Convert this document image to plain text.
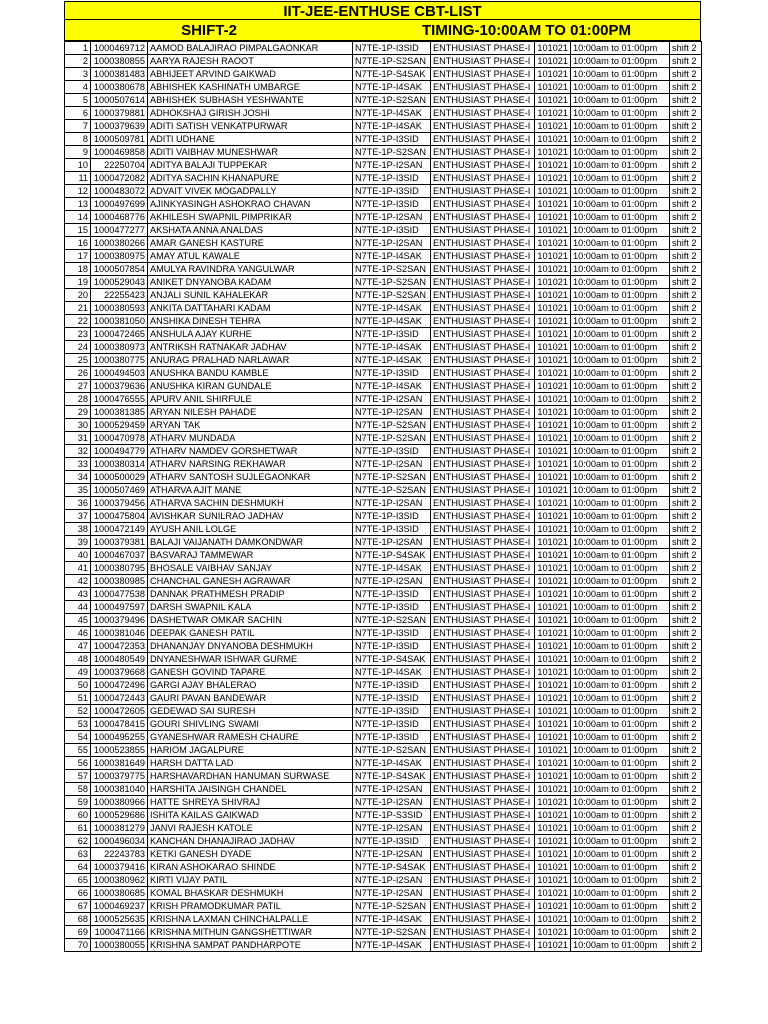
IIT-JEE-ENTHUSE CBT-LIST
SHIFT-2	TIMING-10:00AM TO 01:00PM
1	1000469712	AAMOD BALAJIRAO PIMPALGAONKAR	N7TE-1P-I3SID	ENTHUSIAST PHASE-I	101021	10:00am to 01:00pm	shift 2
2	1000380855	AARYA RAJESH RAOOT	N7TE-1P-S2SAN	ENTHUSIAST PHASE-I	101021	10:00am to 01:00pm	shift 2
3	1000381483	ABHIJEET ARVIND GAIKWAD	N7TE-1P-S4SAK	ENTHUSIAST PHASE-I	101021	10:00am to 01:00pm	shift 2
4	1000380678	ABHISHEK KASHINATH UMBARGE	N7TE-1P-I4SAK	ENTHUSIAST PHASE-I	101021	10:00am to 01:00pm	shift 2
5	1000507614	ABHISHEK SUBHASH YESHWANTE	N7TE-1P-S2SAN	ENTHUSIAST PHASE-I	101021	10:00am to 01:00pm	shift 2
6	1000379881	ADHOKSHAJ GIRISH JOSHI	N7TE-1P-I4SAK	ENTHUSIAST PHASE-I	101021	10:00am to 01:00pm	shift 2
7	1000379639	ADITI SATISH VENKATPURWAR	N7TE-1P-I4SAK	ENTHUSIAST PHASE-I	101021	10:00am to 01:00pm	shift 2
8	1000509781	ADITI UDHANE	N7TE-1P-I3SID	ENTHUSIAST PHASE-I	101021	10:00am to 01:00pm	shift 2
9	1000469858	ADITI VAIBHAV MUNESHWAR	N7TE-1P-S2SAN	ENTHUSIAST PHASE-I	101021	10:00am to 01:00pm	shift 2
10	22250704	ADITYA BALAJI TUPPEKAR	N7TE-1P-I2SAN	ENTHUSIAST PHASE-I	101021	10:00am to 01:00pm	shift 2
11	1000472082	ADITYA SACHIN KHANAPURE	N7TE-1P-I3SID	ENTHUSIAST PHASE-I	101021	10:00am to 01:00pm	shift 2
12	1000483072	ADVAIT VIVEK MOGADPALLY	N7TE-1P-I3SID	ENTHUSIAST PHASE-I	101021	10:00am to 01:00pm	shift 2
13	1000497699	AJINKYASINGH ASHOKRAO CHAVAN	N7TE-1P-I3SID	ENTHUSIAST PHASE-I	101021	10:00am to 01:00pm	shift 2
14	1000468776	AKHILESH SWAPNIL PIMPRIKAR	N7TE-1P-I2SAN	ENTHUSIAST PHASE-I	101021	10:00am to 01:00pm	shift 2
15	1000477277	AKSHATA ANNA ANALDAS	N7TE-1P-I3SID	ENTHUSIAST PHASE-I	101021	10:00am to 01:00pm	shift 2
16	1000380266	AMAR GANESH KASTURE	N7TE-1P-I2SAN	ENTHUSIAST PHASE-I	101021	10:00am to 01:00pm	shift 2
17	1000380975	AMAY ATUL KAWALE	N7TE-1P-I4SAK	ENTHUSIAST PHASE-I	101021	10:00am to 01:00pm	shift 2
18	1000507854	AMULYA RAVINDRA YANGULWAR	N7TE-1P-S2SAN	ENTHUSIAST PHASE-I	101021	10:00am to 01:00pm	shift 2
19	1000529043	ANIKET DNYANOBA KADAM	N7TE-1P-S2SAN	ENTHUSIAST PHASE-I	101021	10:00am to 01:00pm	shift 2
20	22255423	ANJALI SUNIL KAHALEKAR	N7TE-1P-S2SAN	ENTHUSIAST PHASE-I	101021	10:00am to 01:00pm	shift 2
21	1000380593	ANKITA DATTAHARI KADAM	N7TE-1P-I4SAK	ENTHUSIAST PHASE-I	101021	10:00am to 01:00pm	shift 2
22	1000381050	ANSHIKA DINESH TEHRA	N7TE-1P-I4SAK	ENTHUSIAST PHASE-I	101021	10:00am to 01:00pm	shift 2
23	1000472465	ANSHULA AJAY KURHE	N7TE-1P-I3SID	ENTHUSIAST PHASE-I	101021	10:00am to 01:00pm	shift 2
24	1000380973	ANTRIKSH RATNAKAR JADHAV	N7TE-1P-I4SAK	ENTHUSIAST PHASE-I	101021	10:00am to 01:00pm	shift 2
25	1000380775	ANURAG PRALHAD NARLAWAR	N7TE-1P-I4SAK	ENTHUSIAST PHASE-I	101021	10:00am to 01:00pm	shift 2
26	1000494503	ANUSHKA BANDU KAMBLE	N7TE-1P-I3SID	ENTHUSIAST PHASE-I	101021	10:00am to 01:00pm	shift 2
27	1000379636	ANUSHKA KIRAN GUNDALE	N7TE-1P-I4SAK	ENTHUSIAST PHASE-I	101021	10:00am to 01:00pm	shift 2
28	1000476555	APURV ANIL SHIRFULE	N7TE-1P-I2SAN	ENTHUSIAST PHASE-I	101021	10:00am to 01:00pm	shift 2
29	1000381385	ARYAN NILESH PAHADE	N7TE-1P-I2SAN	ENTHUSIAST PHASE-I	101021	10:00am to 01:00pm	shift 2
30	1000529459	ARYAN TAK	N7TE-1P-S2SAN	ENTHUSIAST PHASE-I	101021	10:00am to 01:00pm	shift 2
31	1000470978	ATHARV MUNDADA	N7TE-1P-S2SAN	ENTHUSIAST PHASE-I	101021	10:00am to 01:00pm	shift 2
32	1000494779	ATHARV NAMDEV GORSHETWAR	N7TE-1P-I3SID	ENTHUSIAST PHASE-I	101021	10:00am to 01:00pm	shift 2
33	1000380314	ATHARV NARSING REKHAWAR	N7TE-1P-I2SAN	ENTHUSIAST PHASE-I	101021	10:00am to 01:00pm	shift 2
34	1000500029	ATHARV SANTOSH SUJLEGAONKAR	N7TE-1P-S2SAN	ENTHUSIAST PHASE-I	101021	10:00am to 01:00pm	shift 2
35	1000507469	ATHARVA AJIT MANE	N7TE-1P-S2SAN	ENTHUSIAST PHASE-I	101021	10:00am to 01:00pm	shift 2
36	1000379456	ATHARVA SACHIN DESHMUKH	N7TE-1P-I2SAN	ENTHUSIAST PHASE-I	101021	10:00am to 01:00pm	shift 2
37	1000475804	AVISHKAR SUNILRAO JADHAV	N7TE-1P-I3SID	ENTHUSIAST PHASE-I	101021	10:00am to 01:00pm	shift 2
38	1000472149	AYUSH ANIL LOLGE	N7TE-1P-I3SID	ENTHUSIAST PHASE-I	101021	10:00am to 01:00pm	shift 2
39	1000379381	BALAJI VAIJANATH DAMKONDWAR	N7TE-1P-I2SAN	ENTHUSIAST PHASE-I	101021	10:00am to 01:00pm	shift 2
40	1000467037	BASVARAJ TAMMEWAR	N7TE-1P-S4SAK	ENTHUSIAST PHASE-I	101021	10:00am to 01:00pm	shift 2
41	1000380795	BHOSALE VAIBHAV SANJAY	N7TE-1P-I4SAK	ENTHUSIAST PHASE-I	101021	10:00am to 01:00pm	shift 2
42	1000380985	CHANCHAL GANESH AGRAWAR	N7TE-1P-I2SAN	ENTHUSIAST PHASE-I	101021	10:00am to 01:00pm	shift 2
43	1000477538	DANNAK PRATHMESH PRADIP	N7TE-1P-I3SID	ENTHUSIAST PHASE-I	101021	10:00am to 01:00pm	shift 2
44	1000497597	DARSH SWAPNIL KALA	N7TE-1P-I3SID	ENTHUSIAST PHASE-I	101021	10:00am to 01:00pm	shift 2
45	1000379496	DASHETWAR OMKAR SACHIN	N7TE-1P-S2SAN	ENTHUSIAST PHASE-I	101021	10:00am to 01:00pm	shift 2
46	1000381046	DEEPAK GANESH PATIL	N7TE-1P-I3SID	ENTHUSIAST PHASE-I	101021	10:00am to 01:00pm	shift 2
47	1000472353	DHANANJAY DNYANOBA DESHMUKH	N7TE-1P-I3SID	ENTHUSIAST PHASE-I	101021	10:00am to 01:00pm	shift 2
48	1000480549	DNYANESHWAR ISHWAR GURME	N7TE-1P-S4SAK	ENTHUSIAST PHASE-I	101021	10:00am to 01:00pm	shift 2
49	1000379668	GANESH GOVIND TAPARE	N7TE-1P-I4SAK	ENTHUSIAST PHASE-I	101021	10:00am to 01:00pm	shift 2
50	1000472496	GARGI AJAY BHALERAO	N7TE-1P-I3SID	ENTHUSIAST PHASE-I	101021	10:00am to 01:00pm	shift 2
51	1000472443	GAURI PAVAN BANDEWAR	N7TE-1P-I3SID	ENTHUSIAST PHASE-I	101021	10:00am to 01:00pm	shift 2
52	1000472605	GEDEWAD SAI SURESH	N7TE-1P-I3SID	ENTHUSIAST PHASE-I	101021	10:00am to 01:00pm	shift 2
53	1000478415	GOURI SHIVLING SWAMI	N7TE-1P-I3SID	ENTHUSIAST PHASE-I	101021	10:00am to 01:00pm	shift 2
54	1000495255	GYANESHWAR RAMESH CHAURE	N7TE-1P-I3SID	ENTHUSIAST PHASE-I	101021	10:00am to 01:00pm	shift 2
55	1000523855	HARIOM JAGALPURE	N7TE-1P-S2SAN	ENTHUSIAST PHASE-I	101021	10:00am to 01:00pm	shift 2
56	1000381649	HARSH DATTA LAD	N7TE-1P-I4SAK	ENTHUSIAST PHASE-I	101021	10:00am to 01:00pm	shift 2
57	1000379775	HARSHAVARDHAN HANUMAN SURWASE	N7TE-1P-S4SAK	ENTHUSIAST PHASE-I	101021	10:00am to 01:00pm	shift 2
58	1000381040	HARSHITA JAISINGH CHANDEL	N7TE-1P-I2SAN	ENTHUSIAST PHASE-I	101021	10:00am to 01:00pm	shift 2
59	1000380966	HATTE SHREYA SHIVRAJ	N7TE-1P-I2SAN	ENTHUSIAST PHASE-I	101021	10:00am to 01:00pm	shift 2
60	1000529686	ISHITA KAILAS GAIKWAD	N7TE-1P-S3SID	ENTHUSIAST PHASE-I	101021	10:00am to 01:00pm	shift 2
61	1000381279	JANVI RAJESH KATOLE	N7TE-1P-I2SAN	ENTHUSIAST PHASE-I	101021	10:00am to 01:00pm	shift 2
62	1000496034	KANCHAN DHANAJIRAO JADHAV	N7TE-1P-I3SID	ENTHUSIAST PHASE-I	101021	10:00am to 01:00pm	shift 2
63	22243783	KETKI GANESH DYADE	N7TE-1P-I2SAN	ENTHUSIAST PHASE-I	101021	10:00am to 01:00pm	shift 2
64	1000379416	KIRAN ASHOKARAO SHINDE	N7TE-1P-S4SAK	ENTHUSIAST PHASE-I	101021	10:00am to 01:00pm	shift 2
65	1000380962	KIRTI VIJAY PATIL	N7TE-1P-I2SAN	ENTHUSIAST PHASE-I	101021	10:00am to 01:00pm	shift 2
66	1000380685	KOMAL BHASKAR DESHMUKH	N7TE-1P-I2SAN	ENTHUSIAST PHASE-I	101021	10:00am to 01:00pm	shift 2
67	1000469237	KRISH PRAMODKUMAR PATIL	N7TE-1P-S2SAN	ENTHUSIAST PHASE-I	101021	10:00am to 01:00pm	shift 2
68	1000525635	KRISHNA LAXMAN CHINCHALPALLE	N7TE-1P-I4SAK	ENTHUSIAST PHASE-I	101021	10:00am to 01:00pm	shift 2
69	1000471166	KRISHNA MITHUN GANGSHETTIWAR	N7TE-1P-S2SAN	ENTHUSIAST PHASE-I	101021	10:00am to 01:00pm	shift 2
70	1000380055	KRISHNA SAMPAT PANDHARPOTE	N7TE-1P-I4SAK	ENTHUSIAST PHASE-I	101021	10:00am to 01:00pm	shift 2
